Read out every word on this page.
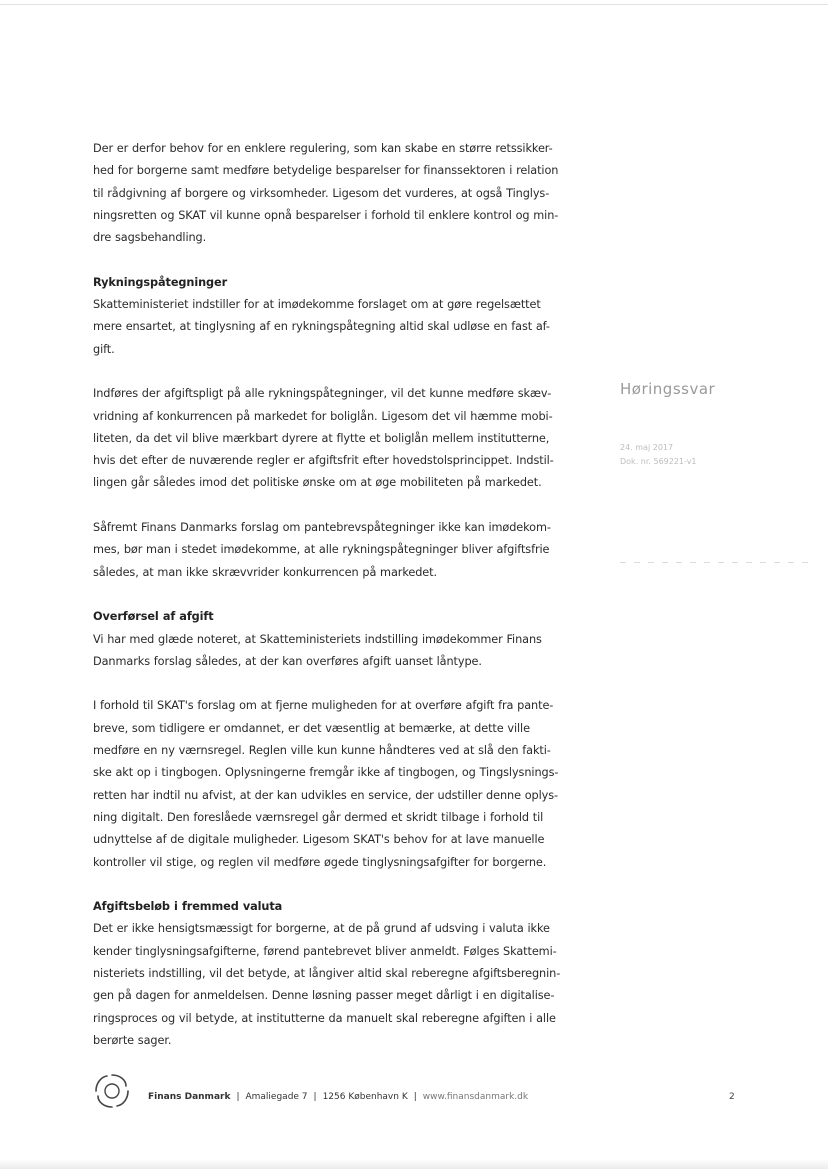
Der er derfor behov for en enklere regulering, som kan skabe en større retssikker-
hed for borgerne samt medføre betydelige besparelser for finanssektoren i relation
til rådgivning af borgere og virksomheder. Ligesom det vurderes, at også Tinglys-
ningsretten og SKAT vil kunne opnå besparelser i forhold til enklere kontrol og min-
dre sagsbehandling.
Rykningspåtegninger
Skatteministeriet indstiller for at imødekomme forslaget om at gøre regelsættet
mere ensartet, at tinglysning af en rykningspåtegning altid skal udløse en fast af-
gift.
Indføres der afgiftspligt på alle rykningspåtegninger, vil det kunne medføre skæv-
vridning af konkurrencen på markedet for boliglån. Ligesom det vil hæmme mobi-
liteten, da det vil blive mærkbart dyrere at flytte et boliglån mellem institutterne,
hvis det efter de nuværende regler er afgiftsfrit efter hovedstolsprincippet. Indstil-
lingen går således imod det politiske ønske om at øge mobiliteten på markedet.
Såfremt Finans Danmarks forslag om pantebrevspåtegninger ikke kan imødekom-
mes, bør man i stedet imødekomme, at alle rykningspåtegninger bliver afgiftsfrie
således, at man ikke skrævvrider konkurrencen på markedet.
Overførsel af afgift
Vi har med glæde noteret, at Skatteministeriets indstilling imødekommer Finans
Danmarks forslag således, at der kan overføres afgift uanset låntype.
I forhold til SKAT's forslag om at fjerne muligheden for at overføre afgift fra pante-
breve, som tidligere er omdannet, er det væsentlig at bemærke, at dette ville
medføre en ny værnsregel. Reglen ville kun kunne håndteres ved at slå den fakti-
ske akt op i tingbogen. Oplysningerne fremgår ikke af tingbogen, og Tingslysnings-
retten har indtil nu afvist, at der kan udvikles en service, der udstiller denne oplys-
ning digitalt. Den foreslåede værnsregel går dermed et skridt tilbage i forhold til
udnyttelse af de digitale muligheder. Ligesom SKAT's behov for at lave manuelle
kontroller vil stige, og reglen vil medføre øgede tinglysningsafgifter for borgerne.
Afgiftsbeløb i fremmed valuta
Det er ikke hensigtsmæssigt for borgerne, at de på grund af udsving i valuta ikke
kender tinglysningsafgifterne, førend pantebrevet bliver anmeldt. Følges Skattemi-
nisteriets indstilling, vil det betyde, at långiver altid skal reberegne afgiftsberegnin-
gen på dagen for anmeldelsen. Denne løsning passer meget dårligt i en digitalise-
ringsproces og vil betyde, at institutterne da manuelt skal reberegne afgiften i alle
berørte sager.
Høringssvar
24. maj 2017
Dok. nr. 569221-v1
Finans Danmark | Amaliegade 7 | 1256 København K | www.finansdanmark.dk	2
